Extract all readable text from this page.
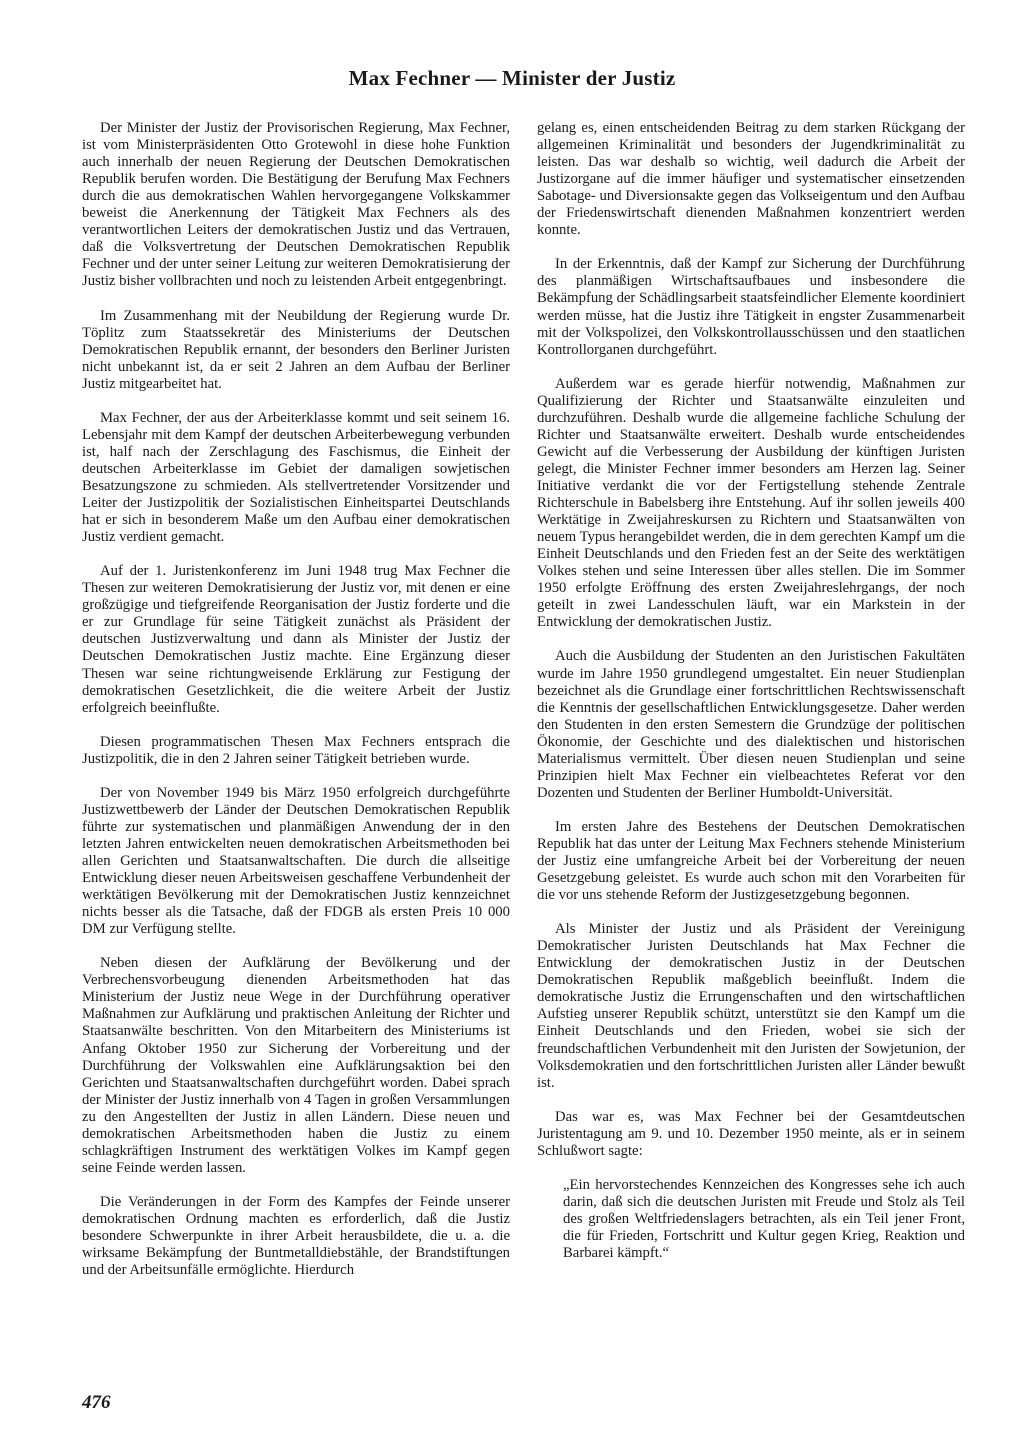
Max Fechner — Minister der Justiz

Der Minister der Justiz der Provisorischen Regierung, Max Fechner, ist vom Ministerpräsidenten Otto Grotewohl in diese hohe Funktion auch innerhalb der neuen Regierung der Deutschen Demokratischen Republik berufen worden. Die Bestätigung der Berufung Max Fechners durch die aus demokratischen Wahlen hervorgegangene Volkskammer beweist die Anerkennung der Tätigkeit Max Fechners als des verantwortlichen Leiters der demokratischen Justiz und das Vertrauen, daß die Volksvertretung der Deutschen Demokratischen Republik Fechner und der unter seiner Leitung zur weiteren Demokratisierung der Justiz bisher vollbrachten und noch zu leistenden Arbeit entgegenbringt.

Im Zusammenhang mit der Neubildung der Regierung wurde Dr. Töplitz zum Staatssekretär des Ministeriums der Deutschen Demokratischen Republik ernannt, der besonders den Berliner Juristen nicht unbekannt ist, da er seit 2 Jahren an dem Aufbau der Berliner Justiz mitgearbeitet hat.

Max Fechner, der aus der Arbeiterklasse kommt und seit seinem 16. Lebensjahr mit dem Kampf der deutschen Arbeiterbewegung verbunden ist, half nach der Zerschlagung des Faschismus, die Einheit der deutschen Arbeiterklasse im Gebiet der damaligen sowjetischen Besatzungszone zu schmieden. Als stellvertretender Vorsitzender und Leiter der Justizpolitik der Sozialistischen Einheitspartei Deutschlands hat er sich in besonderem Maße um den Aufbau einer demokratischen Justiz verdient gemacht.

Auf der 1. Juristenkonferenz im Juni 1948 trug Max Fechner die Thesen zur weiteren Demokratisierung der Justiz vor, mit denen er eine großzügige und tiefgreifende Reorganisation der Justiz forderte und die er zur Grundlage für seine Tätigkeit zunächst als Präsident der deutschen Justizverwaltung und dann als Minister der Justiz der Deutschen Demokratischen Justiz machte. Eine Ergänzung dieser Thesen war seine richtungweisende Erklärung zur Festigung der demokratischen Gesetzlichkeit, die die weitere Arbeit der Justiz erfolgreich beeinflußte.

Diesen programmatischen Thesen Max Fechners entsprach die Justizpolitik, die in den 2 Jahren seiner Tätigkeit betrieben wurde.

Der von November 1949 bis März 1950 erfolgreich durchgeführte Justizwettbewerb der Länder der Deutschen Demokratischen Republik führte zur systematischen und planmäßigen Anwendung der in den letzten Jahren entwickelten neuen demokratischen Arbeitsmethoden bei allen Gerichten und Staatsanwaltschaften. Die durch die allseitige Entwicklung dieser neuen Arbeitsweisen geschaffene Verbundenheit der werktätigen Bevölkerung mit der Demokratischen Justiz kennzeichnet nichts besser als die Tatsache, daß der FDGB als ersten Preis 10 000 DM zur Verfügung stellte.

Neben diesen der Aufklärung der Bevölkerung und der Verbrechensvorbeugung dienenden Arbeitsmethoden hat das Ministerium der Justiz neue Wege in der Durchführung operativer Maßnahmen zur Aufklärung und praktischen Anleitung der Richter und Staatsanwälte beschritten. Von den Mitarbeitern des Ministeriums ist Anfang Oktober 1950 zur Sicherung der Vorbereitung und der Durchführung der Volkswahlen eine Aufklärungsaktion bei den Gerichten und Staatsanwaltschaften durchgeführt worden. Dabei sprach der Minister der Justiz innerhalb von 4 Tagen in großen Versammlungen zu den Angestellten der Justiz in allen Ländern. Diese neuen und demokratischen Arbeitsmethoden haben die Justiz zu einem schlagkräftigen Instrument des werktätigen Volkes im Kampf gegen seine Feinde werden lassen.

Die Veränderungen in der Form des Kampfes der Feinde unserer demokratischen Ordnung machten es erforderlich, daß die Justiz besondere Schwerpunkte in ihrer Arbeit herausbildete, die u. a. die wirksame Bekämpfung der Buntmetalldiebstähle, der Brandstiftungen und der Arbeitsunfälle ermöglichte. Hierdurch

gelang es, einen entscheidenden Beitrag zu dem starken Rückgang der allgemeinen Kriminalität und besonders der Jugendkriminalität zu leisten. Das war deshalb so wichtig, weil dadurch die Arbeit der Justizorgane auf die immer häufiger und systematischer einsetzenden Sabotage- und Diversionsakte gegen das Volkseigentum und den Aufbau der Friedenswirtschaft dienenden Maßnahmen konzentriert werden konnte.

In der Erkenntnis, daß der Kampf zur Sicherung der Durchführung des planmäßigen Wirtschaftsaufbaues und insbesondere die Bekämpfung der Schädlingsarbeit staatsfeindlicher Elemente koordiniert werden müsse, hat die Justiz ihre Tätigkeit in engster Zusammenarbeit mit der Volkspolizei, den Volkskontrollausschüssen und den staatlichen Kontrollorganen durchgeführt.

Außerdem war es gerade hierfür notwendig, Maßnahmen zur Qualifizierung der Richter und Staatsanwälte einzuleiten und durchzuführen. Deshalb wurde die allgemeine fachliche Schulung der Richter und Staatsanwälte erweitert. Deshalb wurde entscheidendes Gewicht auf die Verbesserung der Ausbildung der künftigen Juristen gelegt, die Minister Fechner immer besonders am Herzen lag. Seiner Initiative verdankt die vor der Fertigstellung stehende Zentrale Richterschule in Babelsberg ihre Entstehung. Auf ihr sollen jeweils 400 Werktätige in Zweijahreskursen zu Richtern und Staatsanwälten von neuem Typus herangebildet werden, die in dem gerechten Kampf um die Einheit Deutschlands und den Frieden fest an der Seite des werktätigen Volkes stehen und seine Interessen über alles stellen. Die im Sommer 1950 erfolgte Eröffnung des ersten Zweijahreslehrgangs, der noch geteilt in zwei Landesschulen läuft, war ein Markstein in der Entwicklung der demokratischen Justiz.

Auch die Ausbildung der Studenten an den Juristischen Fakultäten wurde im Jahre 1950 grundlegend umgestaltet. Ein neuer Studienplan bezeichnet als die Grundlage einer fortschrittlichen Rechtswissenschaft die Kenntnis der gesellschaftlichen Entwicklungsgesetze. Daher werden den Studenten in den ersten Semestern die Grundzüge der politischen Ökonomie, der Geschichte und des dialektischen und historischen Materialismus vermittelt. Über diesen neuen Studienplan und seine Prinzipien hielt Max Fechner ein vielbeachtetes Referat vor den Dozenten und Studenten der Berliner Humboldt-Universität.

Im ersten Jahre des Bestehens der Deutschen Demokratischen Republik hat das unter der Leitung Max Fechners stehende Ministerium der Justiz eine umfangreiche Arbeit bei der Vorbereitung der neuen Gesetzgebung geleistet. Es wurde auch schon mit den Vorarbeiten für die vor uns stehende Reform der Justizgesetzgebung begonnen.

Als Minister der Justiz und als Präsident der Vereinigung Demokratischer Juristen Deutschlands hat Max Fechner die Entwicklung der demokratischen Justiz in der Deutschen Demokratischen Republik maßgeblich beeinflußt. Indem die demokratische Justiz die Errungenschaften und den wirtschaftlichen Aufstieg unserer Republik schützt, unterstützt sie den Kampf um die Einheit Deutschlands und den Frieden, wobei sie sich der freundschaftlichen Verbundenheit mit den Juristen der Sowjetunion, der Volksdemokratien und den fortschrittlichen Juristen aller Länder bewußt ist.

Das war es, was Max Fechner bei der Gesamtdeutschen Juristentagung am 9. und 10. Dezember 1950 meinte, als er in seinem Schlußwort sagte:

„Ein hervorstechendes Kennzeichen des Kongresses sehe ich auch darin, daß sich die deutschen Juristen mit Freude und Stolz als Teil des großen Weltfriedenslagers betrachten, als ein Teil jener Front, die für Frieden, Fortschritt und Kultur gegen Krieg, Reaktion und Barbarei kämpft.“

476
